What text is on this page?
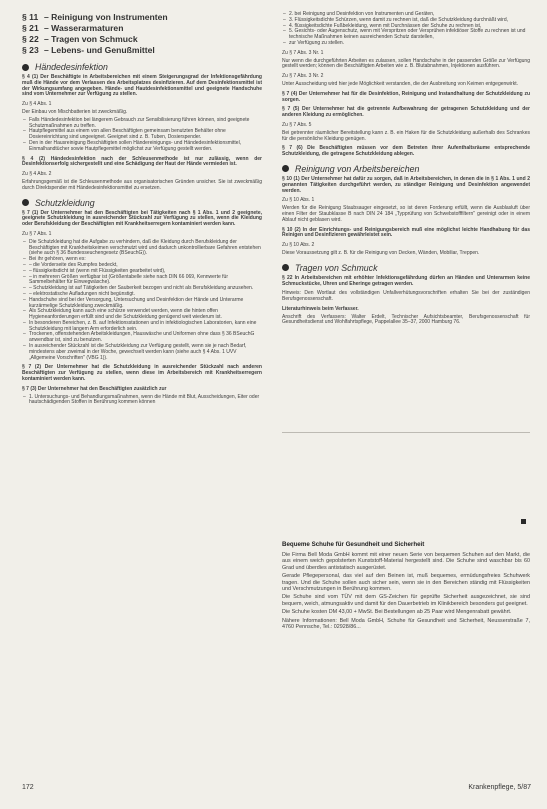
§ 11 – Reinigung von Instrumenten
§ 21 – Wasserarmaturen
§ 22 – Tragen von Schmuck
§ 23 – Lebens- und Genußmittel
Händedesinfektion

§ 4 (1) Der Beschäftigte in Arbeitsbereichen mit einem Steigerungsgrad der Infektionsgefährdung muß die Hände vor dem Verlassen des Arbeitsplatzes desinfizieren. Auf dem Desinfektionsmittel ist der Wirkungsumfang angegeben. Hände- und Hautdesinfektionsmittel und geeignete Handschuhe sind vom Unternehmer zur Verfügung zu stellen.

Zu § 4 Abs. 1

Der Einbau von Mischbatterien ist zweckmäßig.

– Falls Händedesinfektion bei längerem Gebrauch zur Sensibilisierung führen können, sind geeignete Schutzmaßnahmen zu treffen.
– Hautpflegemittel aus einem von allen Beschäftigten gemeinsam benutzten Behälter ohne Dosiereinrichtung sind ungeeignet. Geeignet sind z. B. Tuben, Dosierspender.
– Den in der Hausreinigung Beschäftigten sollen Händereinigungs- und Händedesinfektionsmittel, Einmalhandtücher sowie Hautpflegemittel möglichst zur Verfügung gestellt werden.

§ 4 (2) Händedesinfektion nach der Schleusenmethode ist nur zulässig, wenn der Desinfektionserfolg sichergestellt und eine Schädigung der Haut der Hände vermieden ist.

Zu § 4 Abs. 2

Erfahrungsgemäß ist die Schleusenmethode aus organisatorischen Gründen unsicher. Sie ist zweckmäßig durch Direktspender mit Händedesinfektionsmittel zu ersetzen.

Schutzkleidung

§ 7 (1) Der Unternehmer hat den Beschäftigten bei Tätigkeiten nach § 1 Abs. 1 und 2 geeignete, geeignete Schutzkleidung in ausreichender Stückzahl zur Verfügung zu stellen, wenn die Kleidung oder Berufskleidung der Beschäftigten mit Krankheitserregern kontaminiert werden kann.

Zu § 7 Abs. 1

– Die Schutzkleidung hat die Aufgabe zu verhindern, daß die Kleidung durch Berufskleidung der Beschäftigten mit Krankheitskeimen verschmutzt wird und dadurch unkontrollierbare Gefahren entstehen (siehe auch § 36 Bundesseuchengesetz (BSeuchG)).
– Bei ihr gehören, wenn es:
– – die Vorderseite des Rumpfes bedeckt,
– – flüssigkeitsdicht ist (wenn mit Flüssigkeiten gearbeitet wird),
– – in mehreren Größen verfügbar ist (Größentabelle siehe nach DIN 66 069, Kennwerte für Sammelbehälter für Einwegwäsche).
– – Schutzkleidung ist auf Tätigkeiten der Sauberkeit bezogen und nicht als Berufskleidung anzusehen.
– – elektrostatische Aufladungen nicht begünstigt.
– Handschuhe sind bei der Versorgung, Untersuchung und Desinfektion der Hände und Unterarme kurzärmelige Schutzkleidung zweckmäßig.
– Als Schutzkleidung kann auch eine schürze verwendet werden, wenn die hinten offen Hygieneanforderungen erfüllt sind und die Schutzkleidung genügend weit wiederum ist.
– In besonderen Bereichen, z. B. auf Infektionsstationen und in infektiologischen Laboratorien, kann eine Schutzkleidung mit langem Arm erforderlich sein.
– Trockenen, offenstehenden Arbeitskleidungen, Hauswäsche und Uniformen ohne dass § 36 BSeuchG anwendbar ist, sind zu benutzen.
– In ausreichender Stückzahl ist die Schutzkleidung zur Verfügung gestellt, wenn sie je nach Bedarf, mindestens aber zweimal in der Woche, gewechselt werden kann (siehe auch § 4 Abs. 1 UVV „Allgemeine Vorschriften" (VBG 1)).

§ 7 (2) Der Unternehmer hat die Schutzkleidung in ausreichender Stückzahl nach anderen Beschäftigten zur Verfügung zu stellen, wenn diese im Arbeitsbereich mit Krankheitserregern kontaminiert werden kann.

§ 7 (3) Der Unternehmer hat den Beschäftigten zusätzlich zur

– 1. Untersuchungs- und Behandlungsmaßnahmen, wenn die Hände mit Blut, Ausscheidungen, Eiter oder hautschädigenden Stoffen in Berührung kommen können
– 2. bei Reinigung und Desinfektion von Instrumenten und Geräten,
– 3. Flüssigkeitsdichte Schürzen, wenn damit zu rechnen ist, daß die Schutzkleidung durchnäßt wird,
– 4. flüssigkeitsdichte Fußbekleidung, wenn mit Durchnässen der Schuhe zu rechnen ist,
– 5. Gesichts- oder Augenschutz, wenn mit Verspritzen oder Versprühen infektiöser Stoffe zu rechnen ist und technische Maßnahmen keinen ausreichenden Schutz darstellen,
– zur Verfügung zu stellen.

Zu § 7 Abs. 3 Nr. 1

Nur wenn die durchgeführten Arbeiten es zulassen, sollen Handschuhe in der passenden Größe zur Verfügung gestellt werden; können die Beschäftigten Arbeiten wie z. B. Blutabnahmen, Injektionen ausführen.

Zu § 7 Abs. 3 Nr. 2

Unter Ausscheidung wird hier jede Möglichkeit verstanden, die der Ausbreitung von Keimen entgegenwirkt.

§ 7 (4) Der Unternehmer hat für die Desinfektion, Reinigung und Instandhaltung der Schutzkleidung zu sorgen.

§ 7 (5) Der Unternehmer hat die getrennte Aufbewahrung der getragenen Schutzkleidung und der anderen Kleidung zu ermöglichen.

Zu § 7 Abs. 5

Bei getrennter räumlicher Bereitstellung kann z. B. ein Haken für die Schutzkleidung außerhalb des Schrankes für die persönliche Kleidung genügen.

§ 7 (6) Die Beschäftigten müssen vor dem Betreten ihrer Aufenthaltsräume entsprechende Schutzkleidung, die getragene Schutzkleidung ablegen.

Reinigung von Arbeitsbereichen

§ 10 (1) Der Unternehmer hat dafür zu sorgen, daß in Arbeitsbereichen, in denen die in § 1 Abs. 1 und 2 genannten Tätigkeiten durchgeführt werden, zu ständiger Reinigung und Desinfektion angewendet werden.

Zu § 10 Abs. 1

Werden für die Reinigung Staubsauger eingesetzt, so ist deren Forderung erfüllt, wenn die Ausblasluft über einen Filter der Staubklasse B nach DIN 24 184 „Typprüfung von Schwebstofffiltern" gereinigt oder in einem Ablauf nicht geblasen wird.

§ 10 (2) In der Einrichtungs- und Reinigungsbereich muß eine möglichst leichte Handhabung für das Reinigen und Desinfizieren gewährleistet sein.

Zu § 10 Abs. 2

Diese Voraussetzung gilt z. B. für die Reinigung von Decken, Wänden, Mobiliar, Treppen.

Tragen von Schmuck

§ 22 In Arbeitsbereichen mit erhöhter Infektionsgefährdung dürfen an Händen und Unterarmen keine Schmuckstücke, Uhren und Eheringe getragen werden.

Hinweis: Den Wortlaut des vollständigen Unfallverhütungsvorschriften erhalten Sie bei der zuständigen Berufsgenossenschaft.

Literaturhinweis beim Verfasser.

Anschrift des Verfassers: Walter Erdelt, Technischer Aufsichtsbeamter, Berufsgenossenschaft für Gesundheitsdienst und Wohlfahrtspflege, Pappelallee 35–37, 2000 Hamburg 76.

Bequeme Schuhe für Gesundheit und Sicherheit

Die Firma Bell Moda GmbH kommt mit einer neuen Serie von bequemen Schuhen auf den Markt, die aus einem weich gepolsterten Kunststoff-Material hergestellt sind. Die Schuhe sind waschbar bis 60 Grad und überdies antistatisch ausgerüstet.

Gerade Pflegepersonal, das viel auf den Beinen ist, muß bequemes, ermüdungsfreies Schuhwerk tragen. Und die Schuhe sollen auch sicher sein, wenn sie in den Bereichen ständig mit Flüssigkeiten und Verschmutzungen in Berührung kommen.

Die Schuhe sind vom TÜV mit dem GS-Zeichen für geprüfte Sicherheit ausgezeichnet, sie sind bequem, weich, atmungsaktiv und damit für den Dauerbetrieb im Klinikbereich besonders gut geeignet.

Die Schuhe kosten DM 43,00 + MwSt. Bei Bestellungen ab 25 Paar wird Mengenrabatt gewährt.

Nähere Informationen: Bell Moda GmbH, Schuhe für Gesundheit und Sicherheit, Neusserstraße 7, 4760 Pennsche, Tel.: 02928/86...

172	Krankenpflege, 5/87
